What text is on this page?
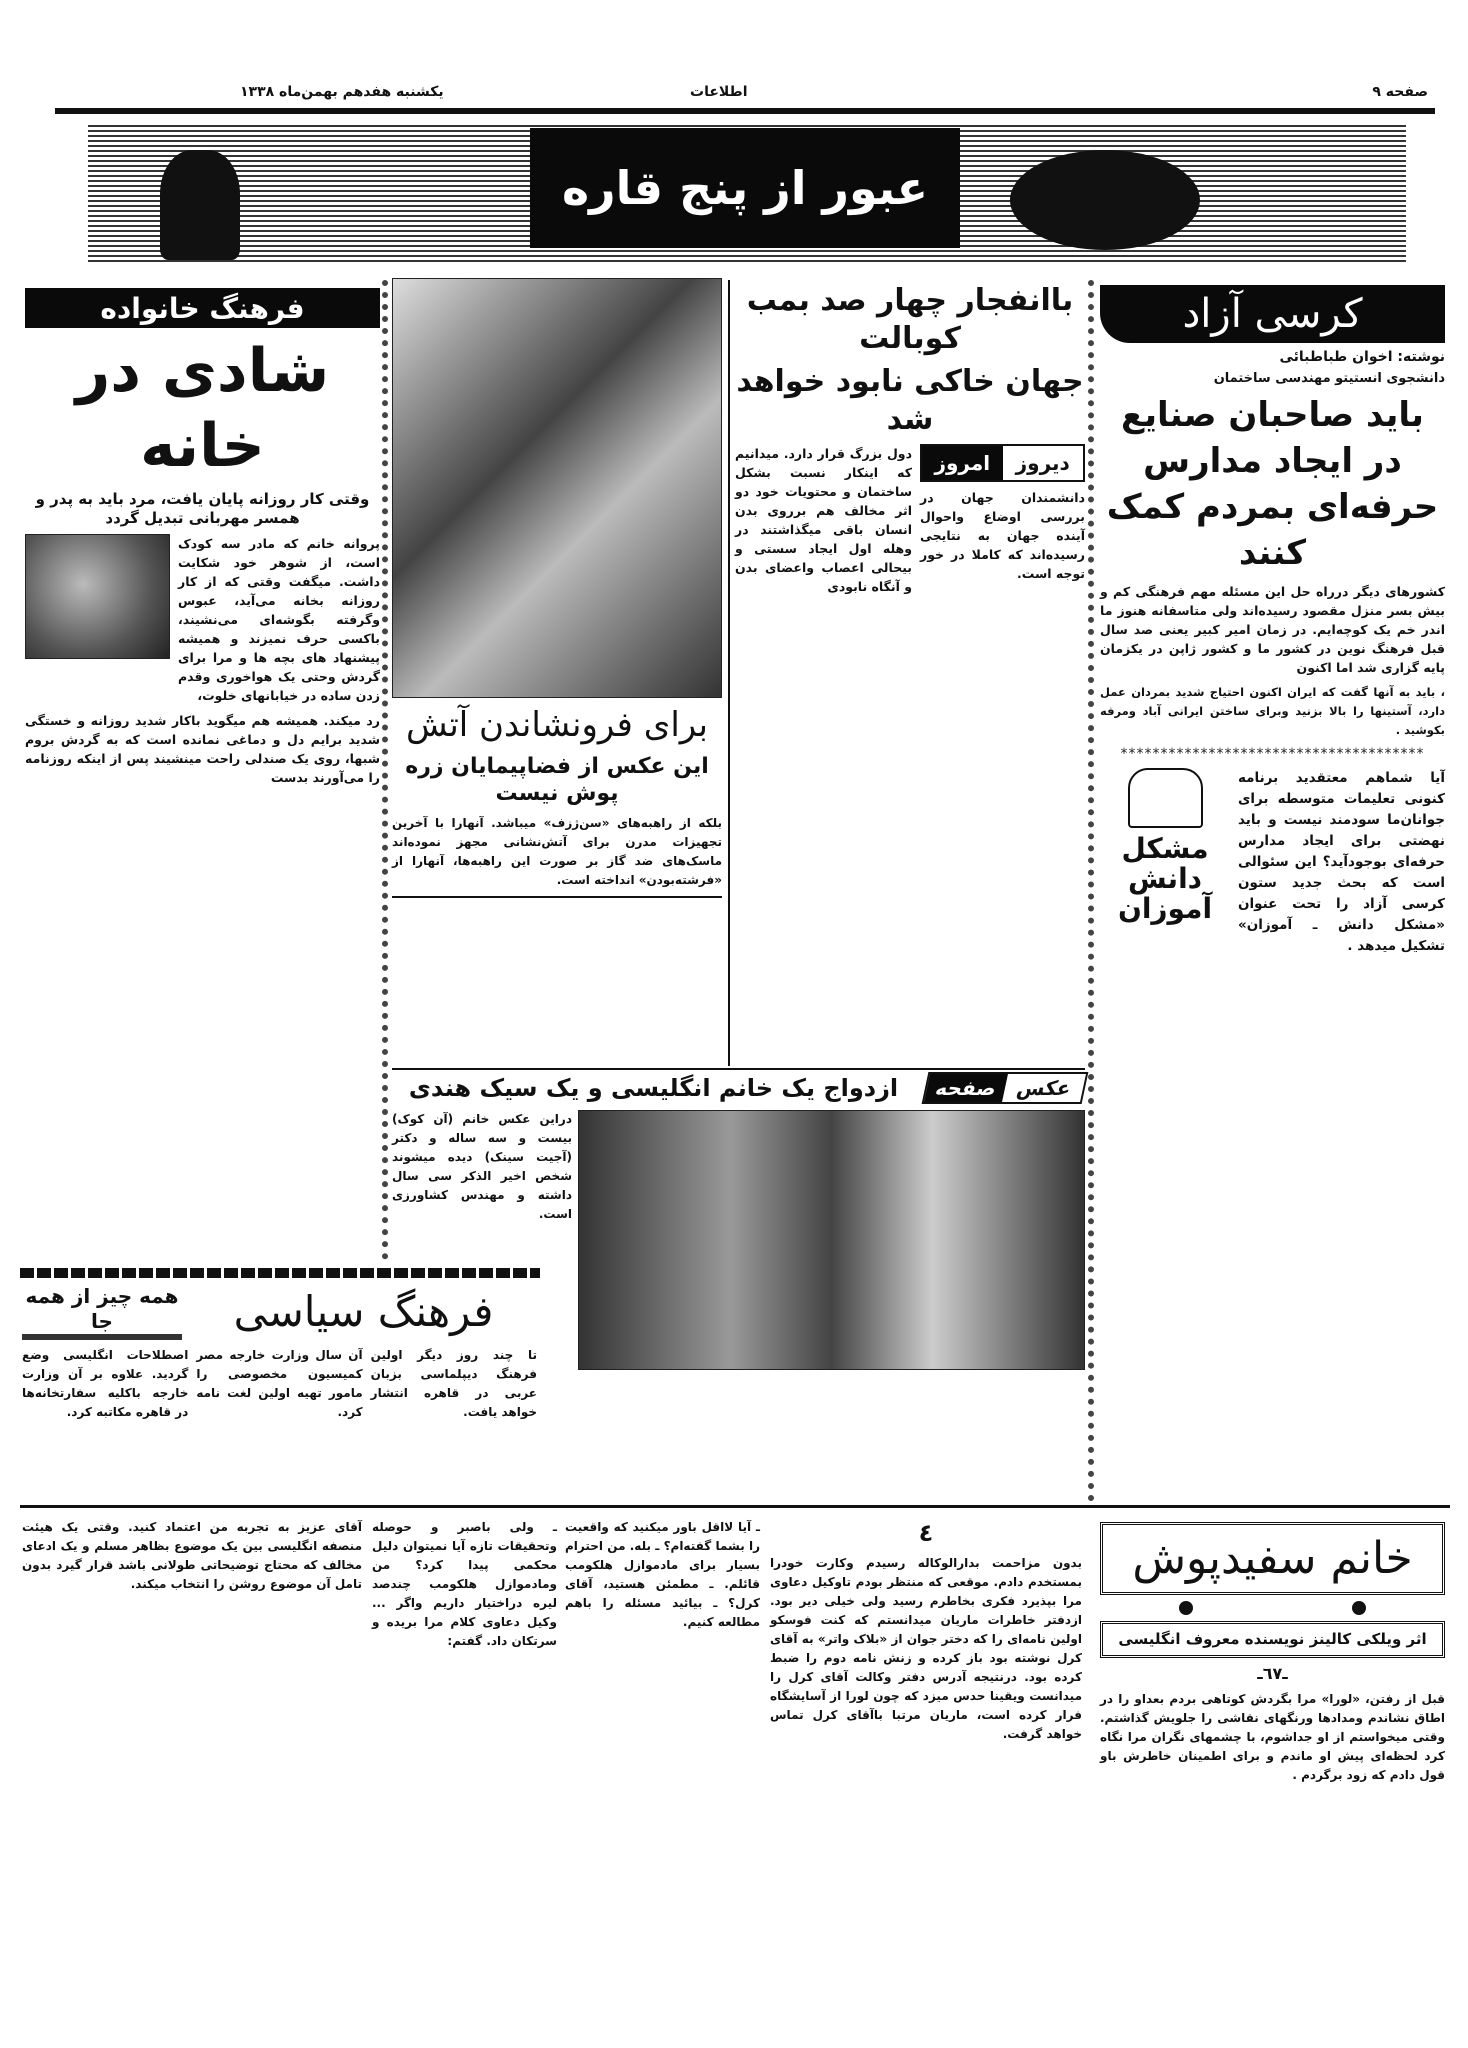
صفحه ۹
اطلاعات
یکشنبه هفدهم بهمن‌ماه ۱۳۳۸
عبور از پنج قاره
فرهنگ خانواده
شادی در خانه
وقتی کار روزانه پایان یافت، مرد باید به پدر و همسر مهربانی تبدیل گردد
پروانه خانم که مادر سه کودک است، از شوهر خود شکایت داشت. میگفت وقتی که از کار روزانه بخانه می‌آید، عبوس وگرفته بگوشه‌ای می‌نشیند، باکسی حرف نمیزند و همیشه پیشنهاد های بچه ها و مرا برای گردش وحتی یک هواخوری وقدم زدن ساده در خیابانهای خلوت،
رد میکند. همیشه هم میگوید باکار شدید روزانه و خستگی شدید برایم دل و دماغی نمانده است که به گردش بروم شبها، روی یک صندلی راحت مینشیند پس از اینکه روزنامه را می‌آورند بدست
برای فرونشاندن آتش
این عکس از فضاپیمایان زره پوش نیست
بلکه از راهبه‌های «سن‌ژزف» میباشد. آنهارا با آخرین تجهیزات مدرن برای آتش‌نشانی مجهز نموده‌اند ماسک‌های ضد گاز بر صورت این راهبه‌ها، آنهارا از «فرشته‌بودن» انداخته است.
باانفجار چهار صد بمب کوبالت
جهان خاکی نابود خواهد شد
امروز	دیروز
دانشمندان جهان در بررسی اوضاع واحوال آینده جهان به نتایجی رسیده‌اند که کاملا در خور توجه است.
دول بزرگ قرار دارد. میدانیم که اینکار نسبت بشکل ساختمان و محتویات خود دو اثر مخالف هم برروی بدن انسان باقی میگذاشتند در وهله اول ایجاد سستی و بیحالی اعصاب واعضای بدن و آنگاه نابودی
کرسی آزاد
نوشته: اخوان طباطبائی
دانشجوی انستیتو مهندسی ساختمان
باید صاحبان صنایع در ایجاد مدارس حرفه‌ای بمردم کمک کنند
کشورهای دیگر درراه حل این مسئله مهم فرهنگی کم و بیش بسر منزل مقصود رسیده‌اند ولی متاسفانه هنوز ما اندر خم یک کوچه‌ایم. در زمان امیر کبیر یعنی صد سال قبل فرهنگ نوین در کشور ما و کشور ژاپن در یکزمان پایه گزاری شد اما اکنون
، باید به آنها گفت که ایران اکنون احتیاج شدید بمردان عمل دارد، آستینها را بالا بزنید وبرای ساختن ایرانی آباد ومرفه بکوشید .
**************************************
آیا شماهم معتقدید برنامه کنونی تعلیمات متوسطه برای جوانان‌ما سودمند نیست و باید نهضتی برای ایجاد مدارس حرفه‌ای بوجودآید؟ این سئوالی است که بحث جدید ستون کرسی آزاد را تحت عنوان «مشکل دانش ـ آموزان» تشکیل میدهد .
مشکل دانش آموزان
صفحه عکس
ازدواج یک خانم انگلیسی و یک سیک هندی
دراین عکس خانم (آن کوک) بیست و سه ساله و دکتر (آجیت سینک) دیده میشوند شخص اخیر الذکر سی سال داشته و مهندس کشاورزی است.
فرهنگ سیاسی
همه چیز از همه جا
تا چند روز دیگر اولین فرهنگ دیپلماسی بزبان عربی در قاهره انتشار خواهد یافت.
آن سال وزارت خارجه مصر کمیسیون مخصوصی را مامور تهیه اولین لغت نامه کرد.
اصطلاحات انگلیسی وضع گردید. علاوه بر آن وزارت خارجه باکلیه سفارتخانه‌ها در قاهره مکاتبه کرد.
خانم سفیدپوش
اثر ویلکی کالینز نویسنده معروف انگلیسی
ـ٦٧ـ
قبل از رفتن، «لورا» مرا بگردش کوتاهی بردم بعداو را در اطاق نشاندم ومدادها ورنگهای نقاشی را جلویش گذاشتم. وقتی میخواستم از او جداشوم، با چشمهای نگران مرا نگاه کرد لحظه‌ای پیش او ماندم و برای اطمینان خاطرش باو قول دادم که زود برگردم .
٤
بدون مزاحمت بدارالوکاله رسیدم وکارت خودرا بمستخدم دادم. موقعی که منتظر بودم تاوکیل دعاوی مرا بپذیرد فکری بخاطرم رسید ولی خیلی دیر بود. ازدفتر خاطرات ماریان میدانستم که کنت فوسکو اولین نامه‌ای را که دختر جوان از «بلاک واتر» به آقای کرل نوشته بود باز کرده و زنش نامه دوم را ضبط کرده بود. درنتیجه آدرس دفتر وکالت آقای کرل را میدانست ویقینا حدس میزد که چون لورا از آسایشگاه فرار کرده است، ماریان مرتبا باآقای کرل تماس خواهد گرفت.
ـ آیا لااقل باور میکنید که واقعیت را بشما گفته‌ام؟ ـ بله. من احترام بسیار برای مادموازل هلکومب قائلم. ـ مطمئن هستید، آقای کرل؟ ـ بیائید مسئله را باهم مطالعه کنیم.
ـ ولی باصبر و حوصله وتحقیقات تازه آیا نمیتوان دلیل محکمی پیدا کرد؟ من ومادموازل هلکومب چندصد لیره دراختیار داریم واگر ... وکیل دعاوی کلام مرا بریده و سرتکان داد. گفتم:
آقای عزیز به تجربه من اعتماد کنید. وقتی یک هیئت منصفه انگلیسی بین یک موضوع بظاهر مسلم و یک ادعای مخالف که محتاج توضیحاتی طولانی باشد قرار گیرد بدون تامل آن موضوع روشن را انتخاب میکند.
